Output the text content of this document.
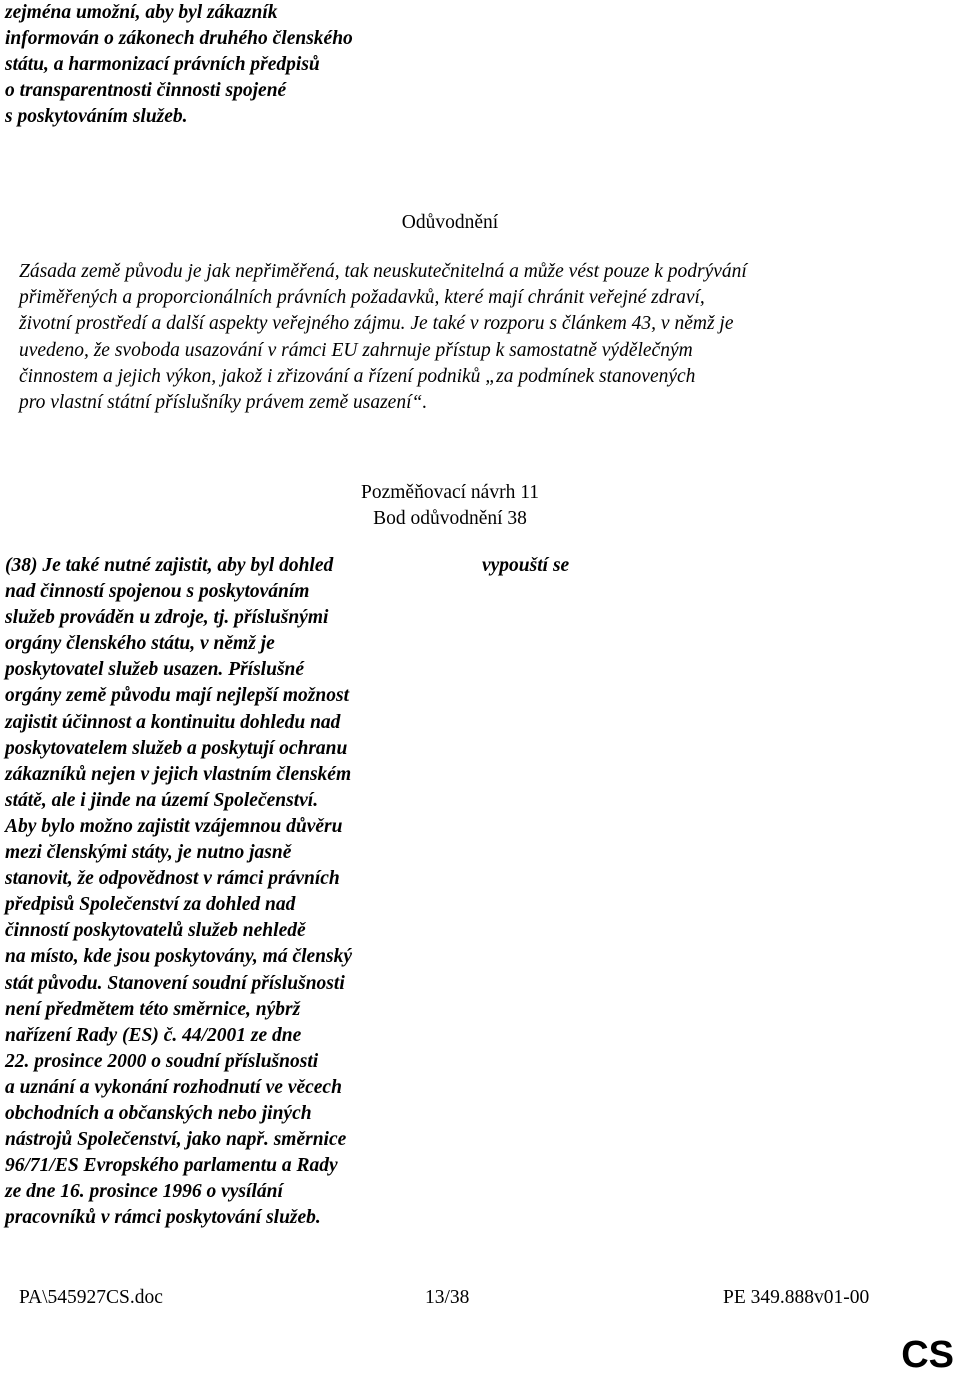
zejména umožní, aby byl zákazník
informován o zákonech druhého členského
státu, a harmonizací právních předpisů
o transparentnosti činnosti spojené
s poskytováním služeb.
Odůvodnění
Zásada země původu je jak nepřiměřená, tak neuskutečnitelná a může vést pouze k podrývání
přiměřených a proporcionálních právních požadavků, které mají chránit veřejné zdraví,
životní prostředí a další aspekty veřejného zájmu. Je také v rozporu s článkem 43, v němž je
uvedeno, že svoboda usazování v rámci EU zahrnuje přístup k samostatně výdělečným
činnostem a jejich výkon, jakož i zřizování a řízení podniků „za podmínek stanovených
pro vlastní státní příslušníky právem země usazení“.
Pozměňovací návrh 11
Bod odůvodnění 38
(38) Je také nutné zajistit, aby byl dohled
nad činností spojenou s poskytováním
služeb prováděn u zdroje, tj. příslušnými
orgány členského státu, v němž je
poskytovatel služeb usazen. Příslušné
orgány země původu mají nejlepší možnost
zajistit účinnost a kontinuitu dohledu nad
poskytovatelem služeb a poskytují ochranu
zákazníků nejen v jejich vlastním členském
státě, ale i jinde na území Společenství.
Aby bylo možno zajistit vzájemnou důvěru
mezi členskými státy, je nutno jasně
stanovit, že odpovědnost v rámci právních
předpisů Společenství za dohled nad
činností poskytovatelů služeb nehledě
na místo, kde jsou poskytovány, má členský
stát původu. Stanovení soudní příslušnosti
není předmětem této směrnice, nýbrž
nařízení Rady (ES) č. 44/2001 ze dne
22. prosince 2000 o soudní příslušnosti
a uznání a vykonání rozhodnutí ve věcech
obchodních a občanských nebo jiných
nástrojů Společenství, jako např. směrnice
96/71/ES Evropského parlamentu a Rady
ze dne 16. prosince 1996 o vysílání
pracovníků v rámci poskytování služeb.
vypouští se
PA\545927CS.doc	13/38	PE 349.888v01-00
CS
